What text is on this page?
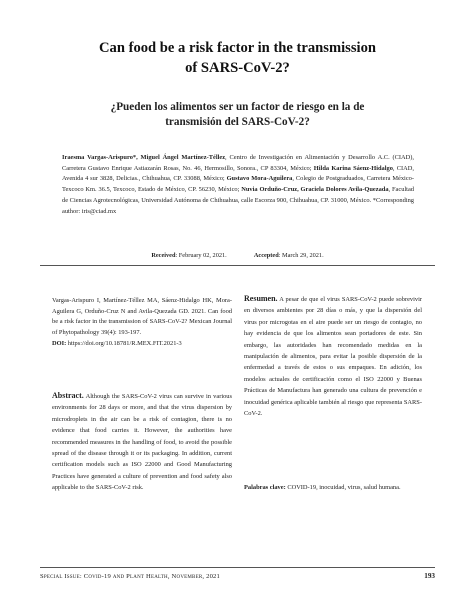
Can food be a risk factor in the transmission
of SARS-CoV-2?
¿Pueden los alimentos ser un factor de riesgo en la de
transmisión del SARS-CoV-2?
Iraesma Vargas-Arispuro*, Miguel Ángel Martínez-Téllez, Centro de Investigación en Alimentación y Desarrollo A.C. (CIAD), Carretera Gustavo Enrique Astiazarán Rosas, No. 46, Hermosillo, Sonora., CP 83304, México; Hilda Karina Sáenz-Hidalgo, CIAD, Avenida 4 sur 3828, Delicias., Chihuahua, CP. 33088, México; Gustavo Mora-Aguilera, Colegio de Postgraduados, Carretera México-Texcoco Km. 36.5, Texcoco, Estado de México, CP. 56230, México; Nuvia Orduño-Cruz, Graciela Dolores Avila-Quezada, Facultad de Ciencias Agrotecnológicas, Universidad Autónoma de Chihuahua, calle Escorza 900, Chihuahua, CP. 31000, México. *Corresponding author: iris@ciad.mx
Received: February 02, 2021.	Accepted: March 29, 2021.
Vargas-Arispuro I, Martínez-Téllez MA, Sáenz-Hidalgo HK, Mora-Aguilera G, Orduño-Cruz N and Avila-Quezada GD. 2021. Can food be a risk factor in the transmission of SARS-CoV-2? Mexican Journal of Phytopathology 39(4): 193-197.
DOI: https://doi.org/10.18781/R.MEX.FIT.2021-3
Abstract. Although the SARS-CoV-2 virus can survive in various environments for 28 days or more, and that the virus dispersion by microdroplets in the air can be a risk of contagion, there is no evidence that food carries it. However, the authorities have recommended measures in the handling of food, to avoid the possible spread of the disease through it or its packaging. In addition, current certification models such as ISO 22000 and Good Manufacturing Practices have generated a culture of prevention and food safety also applicable to the SARS-CoV-2 risk.
Resumen. A pesar de que el virus SARS-CoV-2 puede sobrevivir en diversos ambientes por 28 días o más, y que la dispersión del virus por microgotas en el aire puede ser un riesgo de contagio, no hay evidencia de que los alimentos sean portadores de este. Sin embargo, las autoridades han recomendado medidas en la manipulación de alimentos, para evitar la posible dispersión de la enfermedad a través de estos o sus empaques. En adición, los modelos actuales de certificación como el ISO 22000 y Buenas Prácticas de Manufactura han generado una cultura de prevención e inocuidad genérica aplicable también al riesgo que representa SARS-CoV-2.
Palabras clave: COVID-19, inocuidad, virus, salud humana.
Special Issue: Covid-19 and Plant Health, November, 2021	193
